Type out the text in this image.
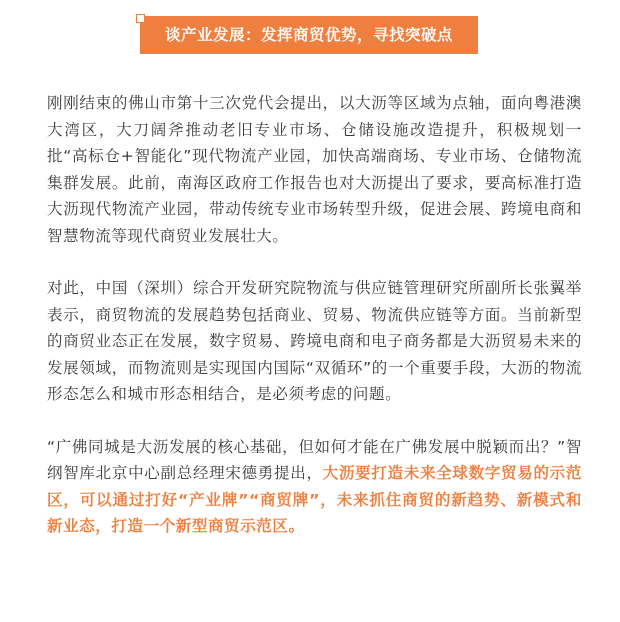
谈产业发展：发挥商贸优势，寻找突破点

刚刚结束的佛山市第十三次党代会提出，以大沥等区域为点轴，面向粤港澳大湾区，大刀阔斧推动老旧专业市场、仓储设施改造提升，积极规划一批“高标仓+智能化”现代物流产业园，加快高端商场、专业市场、仓储物流集群发展。此前，南海区政府工作报告也对大沥提出了要求，要高标准打造大沥现代物流产业园，带动传统专业市场转型升级，促进会展、跨境电商和智慧物流等现代商贸业发展壮大。

对此，中国（深圳）综合开发研究院物流与供应链管理研究所副所长张翼举表示，商贸物流的发展趋势包括商业、贸易、物流供应链等方面。当前新型的商贸业态正在发展，数字贸易、跨境电商和电子商务都是大沥贸易未来的发展领域，而物流则是实现国内国际“双循环”的一个重要手段，大沥的物流形态怎么和城市形态相结合，是必须考虑的问题。

“广佛同城是大沥发展的核心基础，但如何才能在广佛发展中脱颖而出？”智纲智库北京中心副总经理宋德勇提出，大沥要打造未来全球数字贸易的示范区，可以通过打好“产业牌”“商贸牌”，未来抓住商贸的新趋势、新模式和新业态，打造一个新型商贸示范区。
